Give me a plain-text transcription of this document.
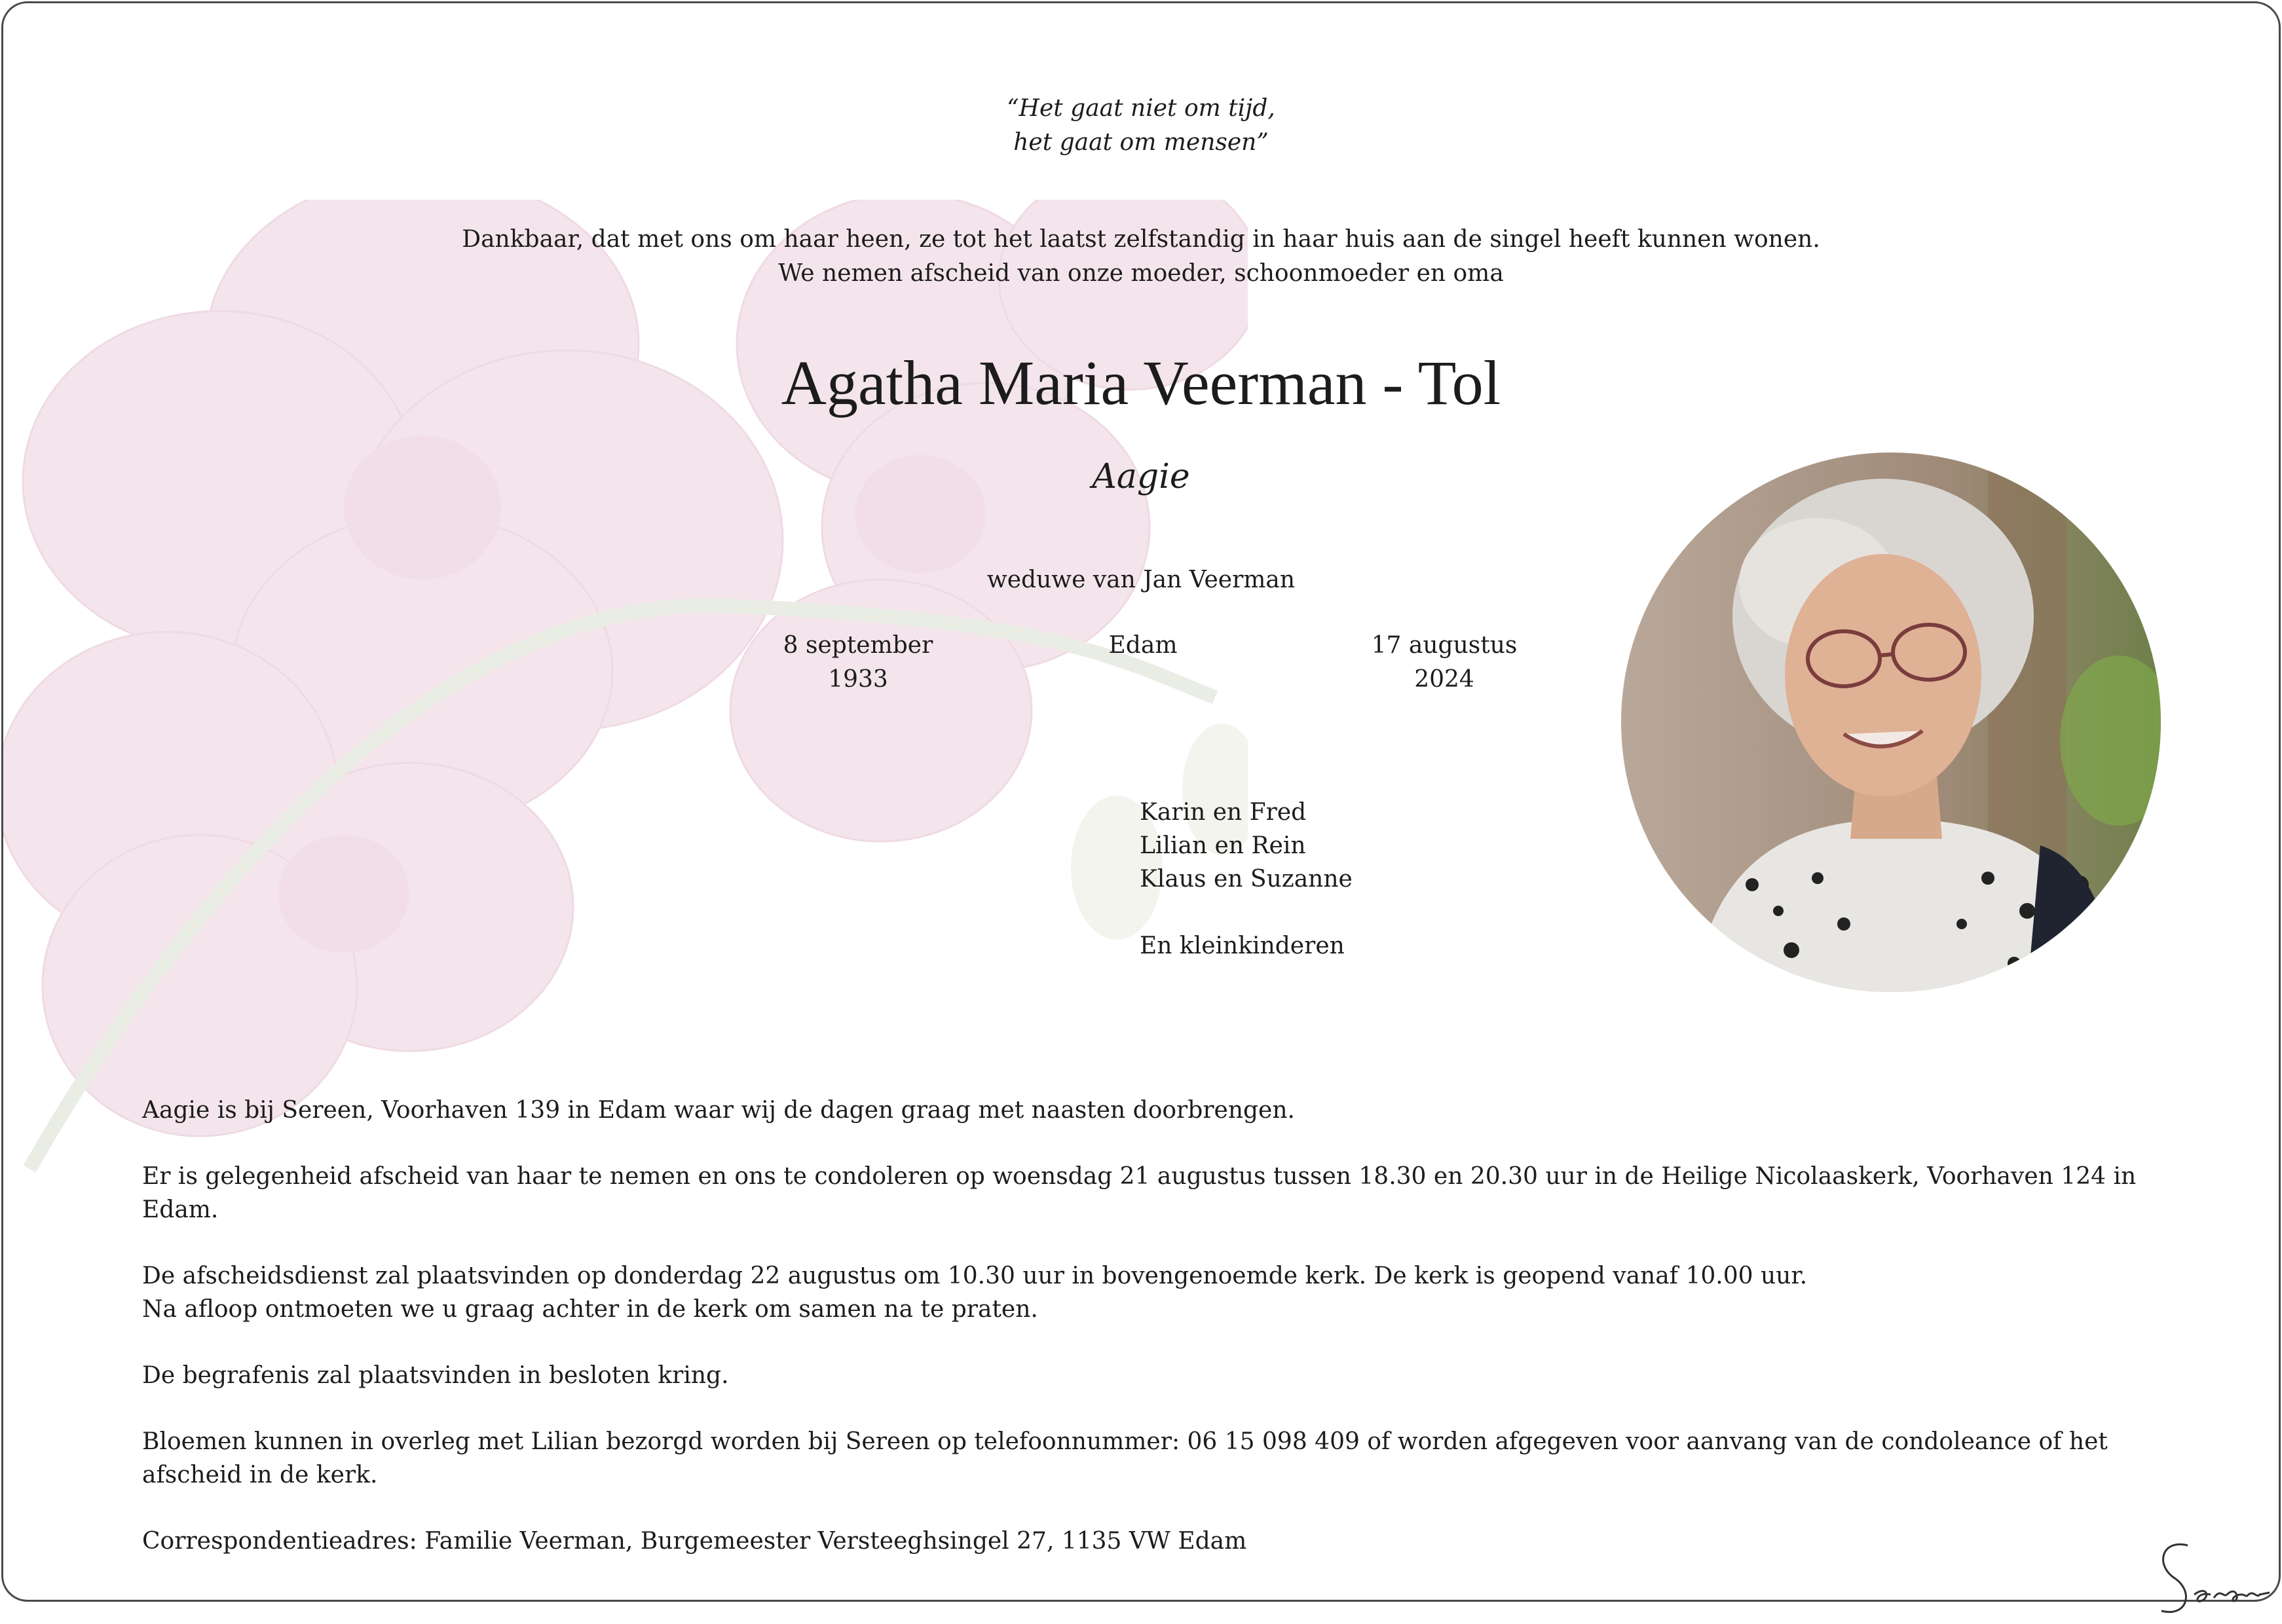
“Het gaat niet om tijd,
het gaat om mensen”
Dankbaar, dat met ons om haar heen, ze tot het laatst zelfstandig in haar huis aan de singel heeft kunnen wonen.
We nemen afscheid van onze moeder, schoonmoeder en oma
Agatha Maria Veerman - Tol
Aagie
weduwe van Jan Veerman
8 september 1933
Edam	17 augustus 2024
Karin en Fred
Lilian en Rein
Klaus en Suzanne
En kleinkinderen

Aagie is bij Sereen, Voorhaven 139 in Edam waar wij de dagen graag met naasten doorbrengen.

Er is gelegenheid afscheid van haar te nemen en ons te condoleren op woensdag 21 augustus tussen 18.30 en 20.30 uur in de Heilige Nicolaaskerk, Voorhaven 124 in Edam.

De afscheidsdienst zal plaatsvinden op donderdag 22 augustus om 10.30 uur in bovengenoemde kerk. De kerk is geopend vanaf 10.00 uur.
Na afloop ontmoeten we u graag achter in de kerk om samen na te praten.

De begrafenis zal plaatsvinden in besloten kring.

Bloemen kunnen in overleg met Lilian bezorgd worden bij Sereen op telefoonnummer: 06 15 098 409 of worden afgegeven voor aanvang van de condoleance of het afscheid in de kerk.

Correspondentieadres: Familie Veerman, Burgemeester Versteeghsingel 27, 1135 VW Edam
